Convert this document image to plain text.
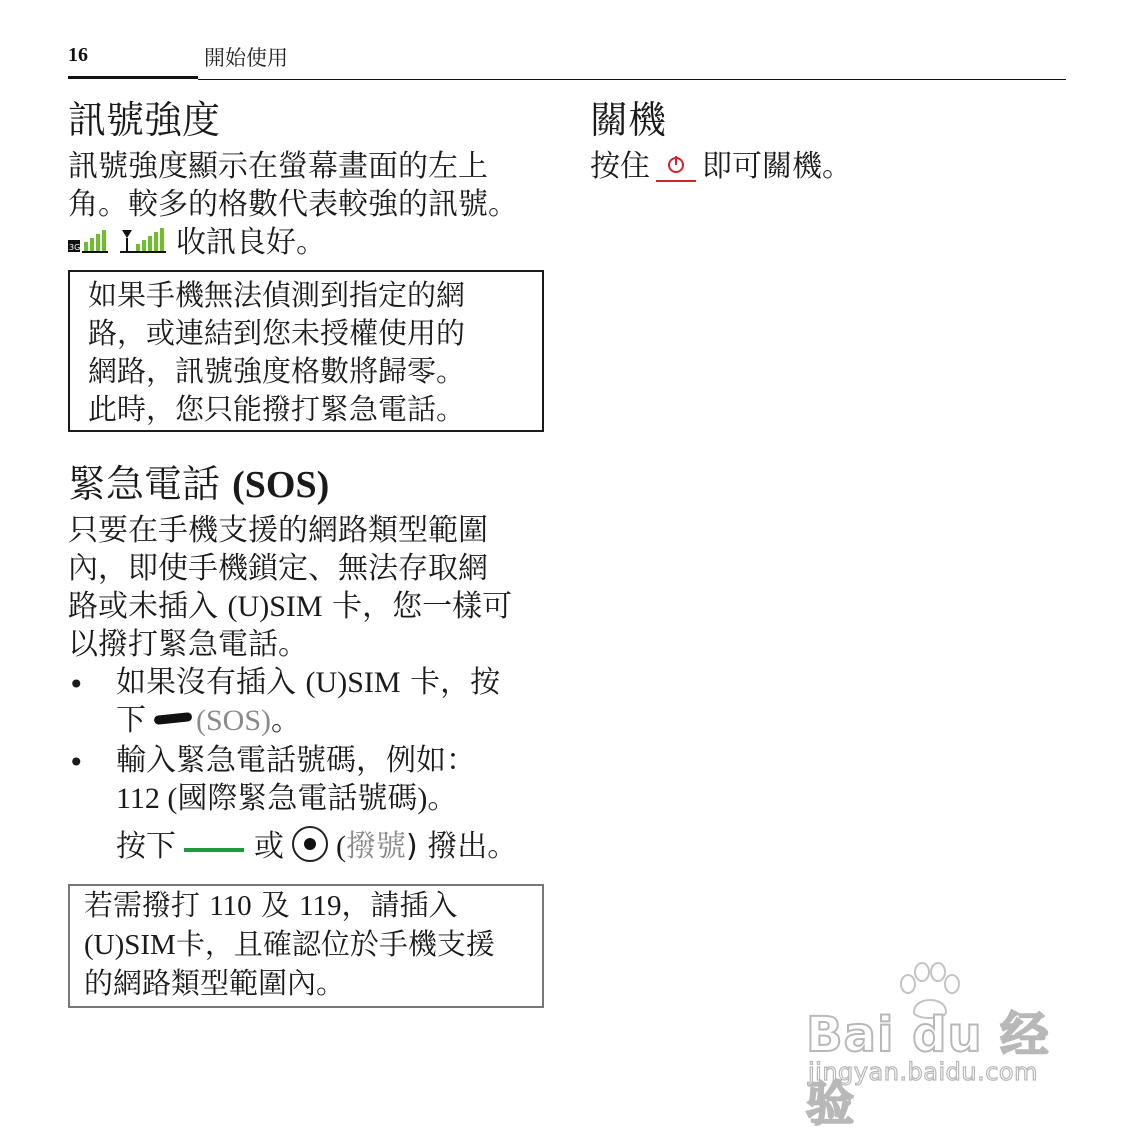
16	開始使用
訊號強度

訊號強度顯示在螢幕畫面的左上

角。較多的格數代表較強的訊號。

3G	收訊良好。

如果手機無法偵測到指定的網
路，或連結到您未授權使用的
網路，訊號強度格數將歸零。
此時，您只能撥打緊急電話。
緊急電話 (SOS)

只要在手機支援的網路類型範圍

內，即使手機鎖定、無法存取網

路或未插入 (U)SIM 卡，您一樣可

以撥打緊急電話。

• 如果沒有插入 (U)SIM 卡，按

下 (SOS)。

• 輸入緊急電話號碼，例如：

112 (國際緊急電話號碼)。

按下	或 (撥號) 撥出。

若需撥打 110 及 119，請插入
(U)SIM卡，且確認位於手機支援
的網路類型範圍內。
關機

按住 即可關機。

Bai du 经验
jingyan.baidu.com
